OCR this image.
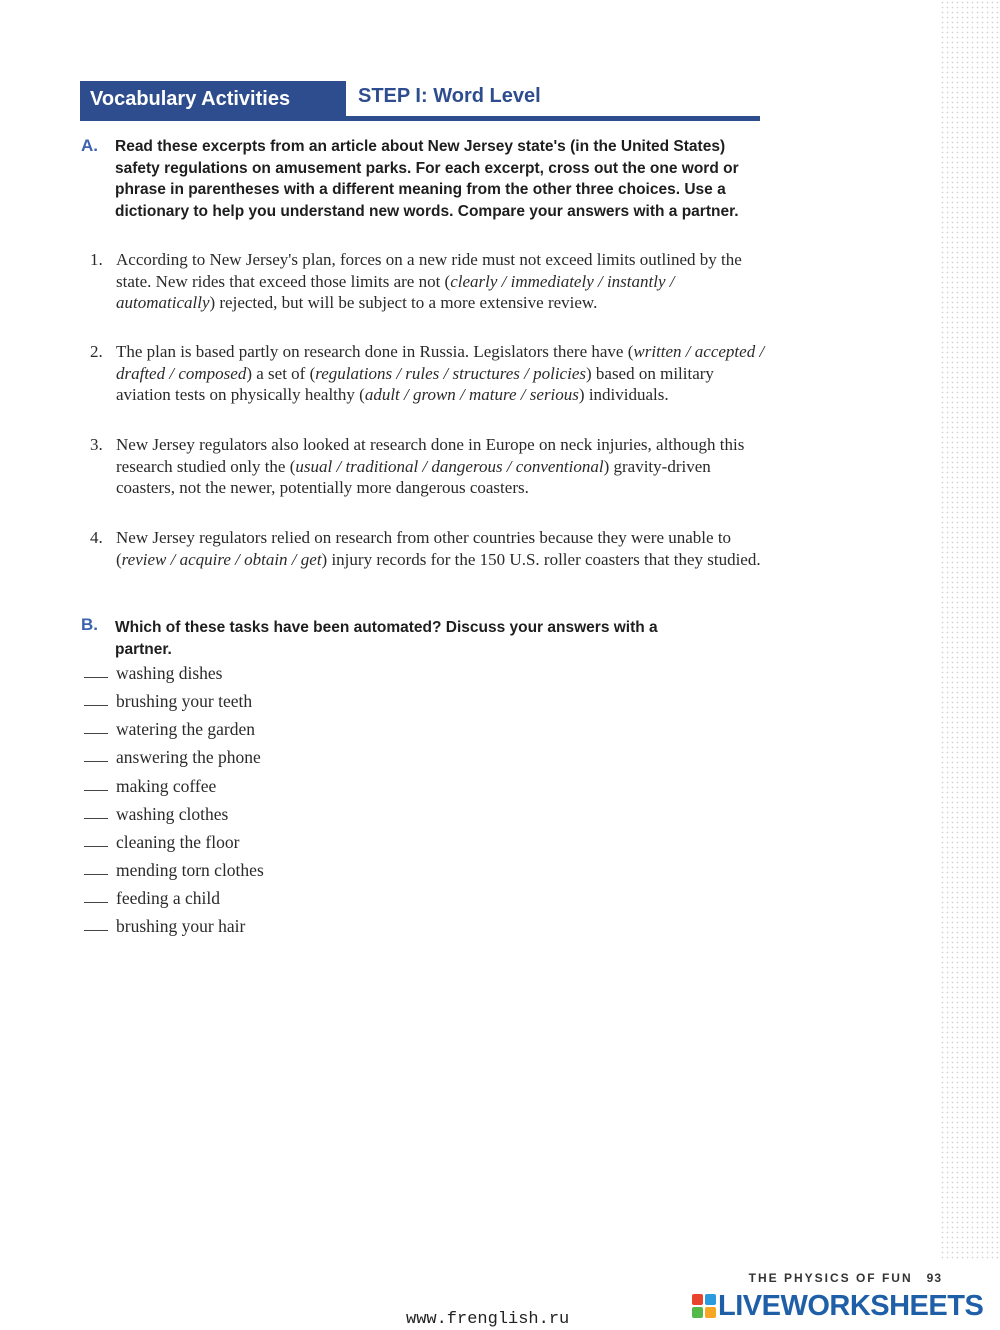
Vocabulary Activities	STEP I: Word Level
A. Read these excerpts from an article about New Jersey state's (in the United States) safety regulations on amusement parks. For each excerpt, cross out the one word or phrase in parentheses with a different meaning from the other three choices. Use a dictionary to help you understand new words. Compare your answers with a partner.
1. According to New Jersey's plan, forces on a new ride must not exceed limits outlined by the state. New rides that exceed those limits are not (clearly / immediately / instantly / automatically) rejected, but will be subject to a more extensive review.
2. The plan is based partly on research done in Russia. Legislators there have (written / accepted / drafted / composed) a set of (regulations / rules / structures / policies) based on military aviation tests on physically healthy (adult / grown / mature / serious) individuals.
3. New Jersey regulators also looked at research done in Europe on neck injuries, although this research studied only the (usual / traditional / dangerous / conventional) gravity-driven coasters, not the newer, potentially more dangerous coasters.
4. New Jersey regulators relied on research from other countries because they were unable to (review / acquire / obtain / get) injury records for the 150 U.S. roller coasters that they studied.
B. Which of these tasks have been automated? Discuss your answers with a partner.
washing dishes
brushing your teeth
watering the garden
answering the phone
making coffee
washing clothes
cleaning the floor
mending torn clothes
feeding a child
brushing your hair
THE PHYSICS OF FUN 93
www.frenglish.ru	LIVEWORKSHEETS
